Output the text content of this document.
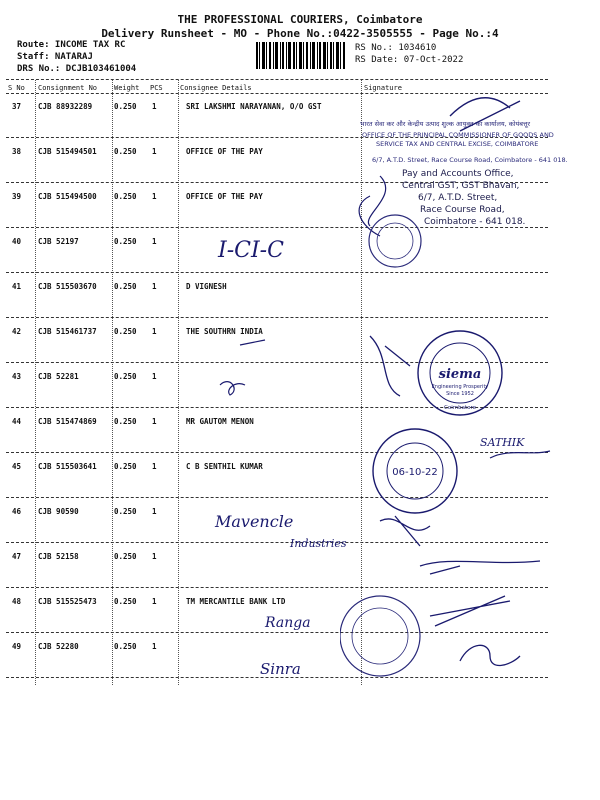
THE PROFESSIONAL COURIERS, Coimbatore
Delivery Runsheet - MO - Phone No.:0422-3505555 - Page No.:4
Route: INCOME TAX RC
Staff: NATARAJ
DRS No.: DCJB103461004
RS No.: 1034610
RS Date: 07-Oct-2022
S No Consignment No Weight PCS Consignee Details	Signature
37 CJB 88932289	0.250 1	SRI LAKSHMI NARAYANAN, O/O GST
38 CJB 515494501 0.250 1	OFFICE OF THE PAY
39 CJB 515494500 0.250 1	OFFICE OF THE PAY
40 CJB 52197	0.250 1
41 CJB 515503670 0.250 1	D VIGNESH
42 CJB 515461737 0.250 1	THE SOUTHRN INDIA
43 CJB 52281	0.250 1
44 CJB 515474869 0.250 1	MR GAUTOM MENON
45 CJB 515503641 0.250 1	C B SENTHIL KUMAR
46 CJB 90590	0.250 1
47 CJB 52158	0.250 1
48 CJB 515525473 0.250 1	TM MERCANTILE BANK LTD
49 CJB 52280	0.250 1
भारत सेवा कर और केन्द्रीय उत्पाद शुल्क आयुक्त का कार्यालय, कोयंबत्तूर
OFFICE OF THE PRINCIPAL COMMISSIONER OF GOODS AND
SERVICE TAX AND CENTRAL EXCISE, COIMBATORE
6/7, A.T.D. Street, Race Course Road, Coimbatore - 641 018.
Pay and Accounts Office,
Central GST, GST Bhavan,
6/7, A.T.D. Street,
Race Course Road,
Coimbatore - 641 018.
siema
Engineering Prosperity
Since 1952
Coimbatore
06-10-22
SATHIK
I-CI-C
Mavencle
Industries
Ranga
Sinra
